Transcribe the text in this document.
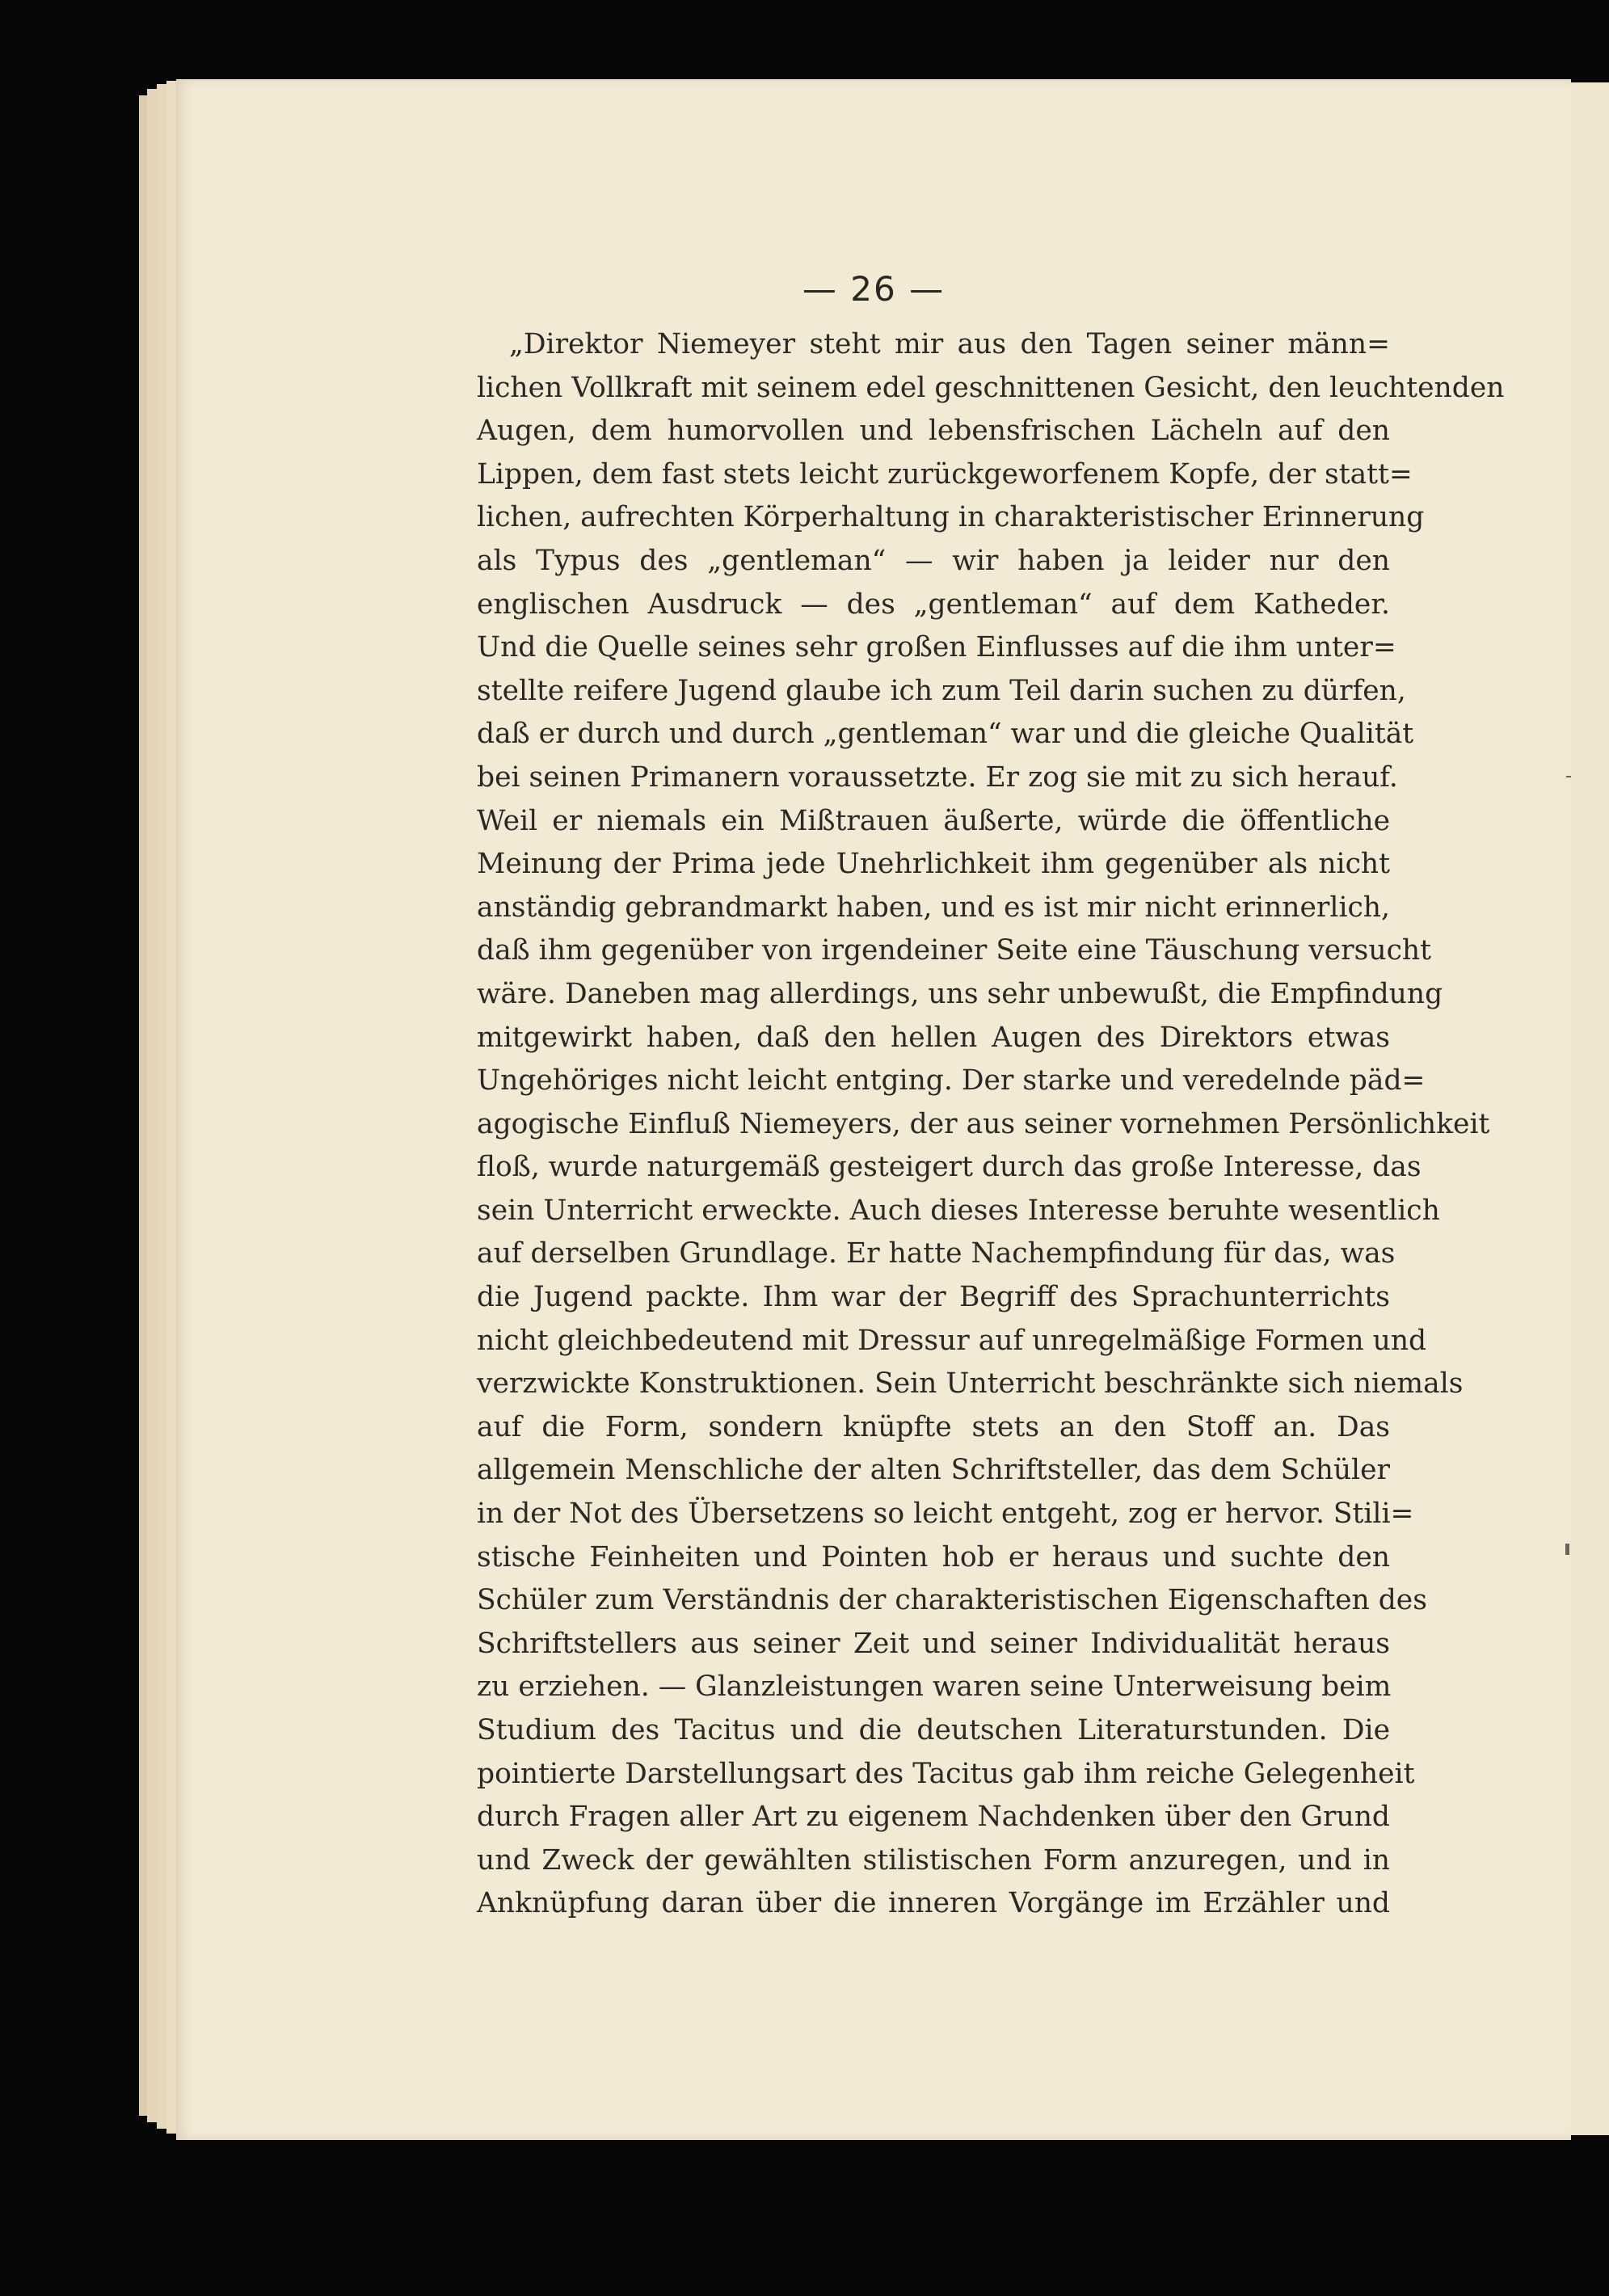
— 26 —
„Direktor Niemeyer steht mir aus den Tagen seiner männ=
lichen Vollkraft mit seinem edel geschnittenen Gesicht, den leuchtenden
Augen, dem humorvollen und lebensfrischen Lächeln auf den
Lippen, dem fast stets leicht zurückgeworfenem Kopfe, der statt=
lichen, aufrechten Körperhaltung in charakteristischer Erinnerung
als Typus des „gentleman“ — wir haben ja leider nur den
englischen Ausdruck — des „gentleman“ auf dem Katheder.
Und die Quelle seines sehr großen Einflusses auf die ihm unter=
stellte reifere Jugend glaube ich zum Teil darin suchen zu dürfen,
daß er durch und durch „gentleman“ war und die gleiche Qualität
bei seinen Primanern voraussetzte. Er zog sie mit zu sich herauf.
Weil er niemals ein Mißtrauen äußerte, würde die öffentliche
Meinung der Prima jede Unehrlichkeit ihm gegenüber als nicht
anständig gebrandmarkt haben, und es ist mir nicht erinnerlich,
daß ihm gegenüber von irgendeiner Seite eine Täuschung versucht
wäre. Daneben mag allerdings, uns sehr unbewußt, die Empfindung
mitgewirkt haben, daß den hellen Augen des Direktors etwas
Ungehöriges nicht leicht entging. Der starke und veredelnde päd=
agogische Einfluß Niemeyers, der aus seiner vornehmen Persönlichkeit
floß, wurde naturgemäß gesteigert durch das große Interesse, das
sein Unterricht erweckte. Auch dieses Interesse beruhte wesentlich
auf derselben Grundlage. Er hatte Nachempfindung für das, was
die Jugend packte. Ihm war der Begriff des Sprachunterrichts
nicht gleichbedeutend mit Dressur auf unregelmäßige Formen und
verzwickte Konstruktionen. Sein Unterricht beschränkte sich niemals
auf die Form, sondern knüpfte stets an den Stoff an. Das
allgemein Menschliche der alten Schriftsteller, das dem Schüler
in der Not des Übersetzens so leicht entgeht, zog er hervor. Stili=
stische Feinheiten und Pointen hob er heraus und suchte den
Schüler zum Verständnis der charakteristischen Eigenschaften des
Schriftstellers aus seiner Zeit und seiner Individualität heraus
zu erziehen. — Glanzleistungen waren seine Unterweisung beim
Studium des Tacitus und die deutschen Literaturstunden. Die
pointierte Darstellungsart des Tacitus gab ihm reiche Gelegenheit
durch Fragen aller Art zu eigenem Nachdenken über den Grund
und Zweck der gewählten stilistischen Form anzuregen, und in
Anknüpfung daran über die inneren Vorgänge im Erzähler und
